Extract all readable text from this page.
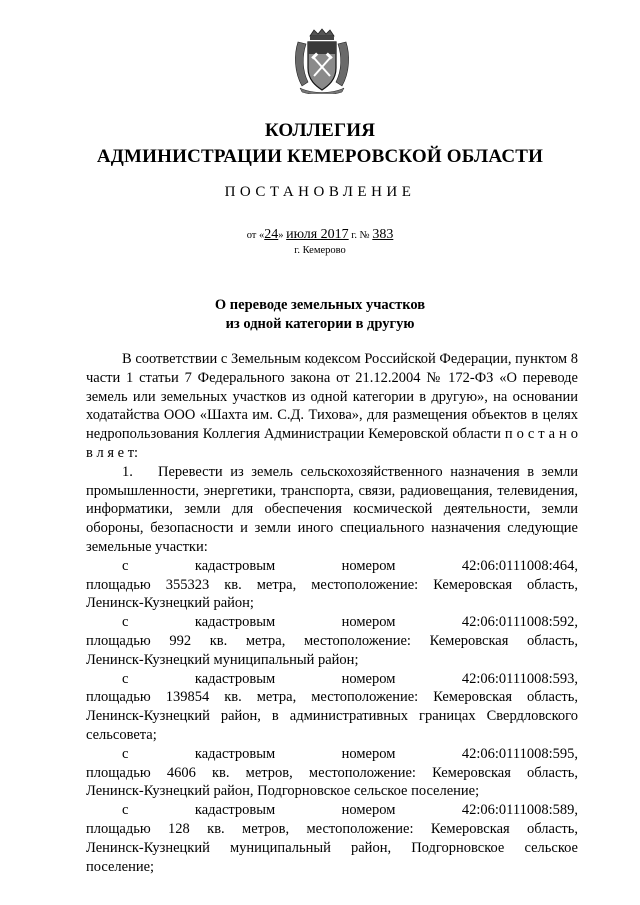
КОЛЛЕГИЯ
АДМИНИСТРАЦИИ КЕМЕРОВСКОЙ ОБЛАСТИ
ПОСТАНОВЛЕНИЕ
от «24» июля 2017 г. № 383
г. Кемерово
О переводе земельных участков
из одной категории в другую

В соответствии с Земельным кодексом Российской Федерации, пунктом 8 части 1 статьи 7 Федерального закона от 21.12.2004 № 172-ФЗ «О переводе земель или земельных участков из одной категории в другую», на основании ходатайства ООО «Шахта им. С.Д. Тихова», для размещения объектов в целях недропользования Коллегия Администрации Кемеровской области п о с т а н о в л я е т:

1. Перевести из земель сельскохозяйственного назначения в земли промышленности, энергетики, транспорта, связи, радиовещания, телевидения, информатики, земли для обеспечения космической деятельности, земли обороны, безопасности и земли иного специального назначения следующие земельные участки:

с	кадастровым	номером	42:06:0111008:464,
площадью 355323 кв. метра, местоположение: Кемеровская область,
Ленинск-Кузнецкий район;
с	кадастровым	номером	42:06:0111008:592,
площадью 992 кв. метра, местоположение: Кемеровская область,
Ленинск-Кузнецкий муниципальный район;
с	кадастровым	номером	42:06:0111008:593,
площадью 139854 кв. метра, местоположение: Кемеровская область,
Ленинск-Кузнецкий район, в административных границах Свердловского
сельсовета;
с	кадастровым	номером	42:06:0111008:595,
площадью 4606 кв. метров, местоположение: Кемеровская область,
Ленинск-Кузнецкий район, Подгорновское сельское поселение;
с	кадастровым	номером	42:06:0111008:589,
площадью 128 кв. метров, местоположение: Кемеровская область,
Ленинск-Кузнецкий муниципальный район, Подгорновское сельское
поселение;
